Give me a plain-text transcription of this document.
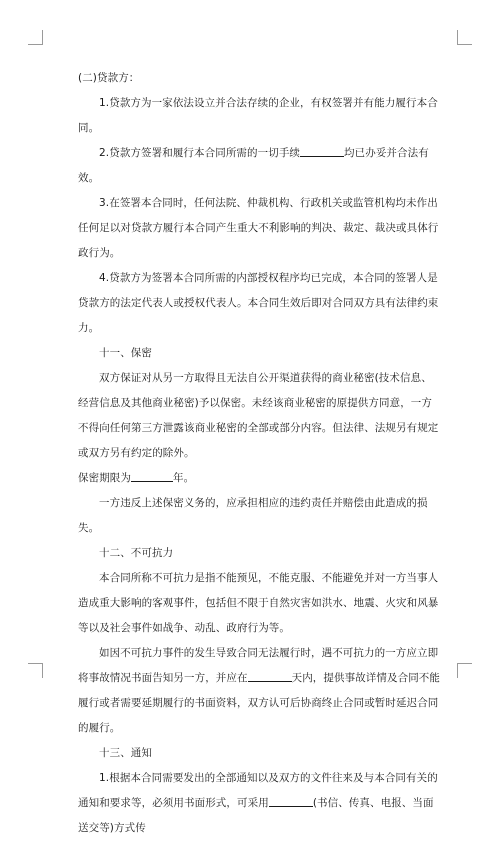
(二)贷款方：

1.贷款方为一家依法设立并合法存续的企业，有权签署并有能力履行本合同。

2.贷款方签署和履行本合同所需的一切手续	均已办妥并合法有效。

3.在签署本合同时，任何法院、仲裁机构、行政机关或监管机构均未作出任何足以对贷款方履行本合同产生重大不利影响的判决、裁定、裁决或具体行政行为。

4.贷款方为签署本合同所需的内部授权程序均已完成，本合同的签署人是贷款方的法定代表人或授权代表人。本合同生效后即对合同双方具有法律约束力。

十一、保密

双方保证对从另一方取得且无法自公开渠道获得的商业秘密(技术信息、经营信息及其他商业秘密)予以保密。未经该商业秘密的原提供方同意，一方不得向任何第三方泄露该商业秘密的全部或部分内容。但法律、法规另有规定或双方另有约定的除外。

保密期限为	年。

一方违反上述保密义务的，应承担相应的违约责任并赔偿由此造成的损失。

十二、不可抗力

本合同所称不可抗力是指不能预见，不能克服、不能避免并对一方当事人造成重大影响的客观事件，包括但不限于自然灾害如洪水、地震、火灾和风暴等以及社会事件如战争、动乱、政府行为等。

如因不可抗力事件的发生导致合同无法履行时，遇不可抗力的一方应立即将事故情况书面告知另一方，并应在	天内，提供事故详情及合同不能履行或者需要延期履行的书面资料，双方认可后协商终止合同或暂时延迟合同的履行。

十三、通知

1.根据本合同需要发出的全部通知以及双方的文件往来及与本合同有关的通知和要求等，必须用书面形式，可采用	(书信、传真、电报、当面送交等)方式传
